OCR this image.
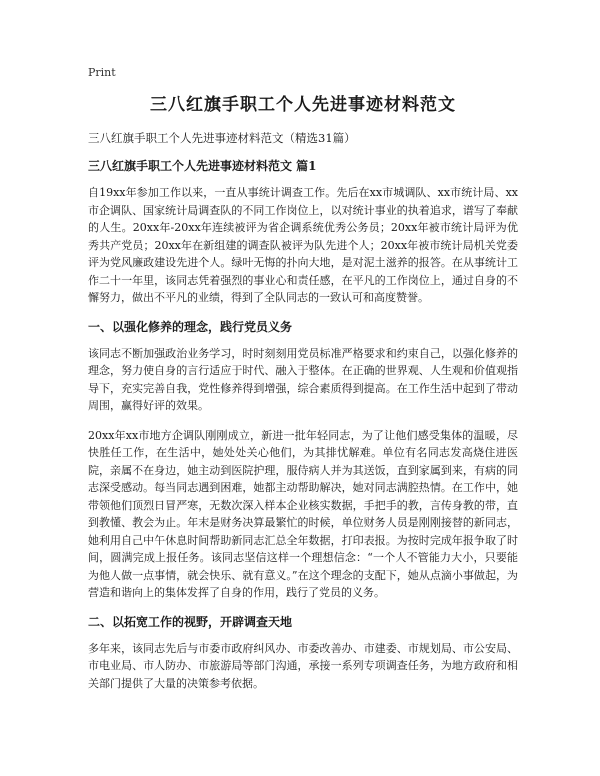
Print
三八红旗手职工个人先进事迹材料范文
三八红旗手职工个人先进事迹材料范文（精选31篇）
三八红旗手职工个人先进事迹材料范文 篇1

自19xx年参加工作以来，一直从事统计调查工作。先后在xx市城调队、xx市统计局、xx市企调队、国家统计局调查队的不同工作岗位上，以对统计事业的执着追求，谱写了奉献的人生。20xx年-20xx年连续被评为省企调系统优秀公务员；20xx年被市统计局评为优秀共产党员；20xx年在新组建的调查队被评为队先进个人；20xx年被市统计局机关党委评为党风廉政建设先进个人。绿叶无悔的扑向大地，是对泥土滋养的报答。在从事统计工作二十一年里，该同志凭着强烈的事业心和责任感，在平凡的工作岗位上，通过自身的不懈努力，做出不平凡的业绩，得到了全队同志的一致认可和高度赞誉。

一、以强化修养的理念，践行党员义务

该同志不断加强政治业务学习，时时刻刻用党员标准严格要求和约束自己，以强化修养的理念，努力使自身的言行适应于时代、融入于整体。在正确的世界观、人生观和价值观指导下，充实完善自我，党性修养得到增强，综合素质得到提高。在工作生活中起到了带动周围，赢得好评的效果。

20xx年xx市地方企调队刚刚成立，新进一批年轻同志，为了让他们感受集体的温暖，尽快胜任工作，在生活中，她处处关心他们，为其排忧解难。单位有名同志发高烧住进医院，亲属不在身边，她主动到医院护理，服侍病人并为其送饭，直到家属到来，有病的同志深受感动。每当同志遇到困难，她都主动帮助解决，她对同志满腔热情。在工作中，她带领他们顶烈日冒严寒，无数次深入样本企业核实数据，手把手的教，言传身教的带，直到教懂、教会为止。年末是财务决算最繁忙的时候，单位财务人员是刚刚接替的新同志，她利用自己中午休息时间帮助新同志汇总全年数据，打印表报。为按时完成年报争取了时间，圆满完成上报任务。该同志坚信这样一个理想信念：“一个人不管能力大小，只要能为他人做一点事情，就会快乐、就有意义。”在这个理念的支配下，她从点滴小事做起，为营造和谐向上的集体发挥了自身的作用，践行了党员的义务。

二、以拓宽工作的视野，开辟调查天地

多年来，该同志先后与市委市政府纠风办、市委改善办、市建委、市规划局、市公安局、市电业局、市人防办、市旅游局等部门沟通，承接一系列专项调查任务，为地方政府和相关部门提供了大量的决策参考依据。
